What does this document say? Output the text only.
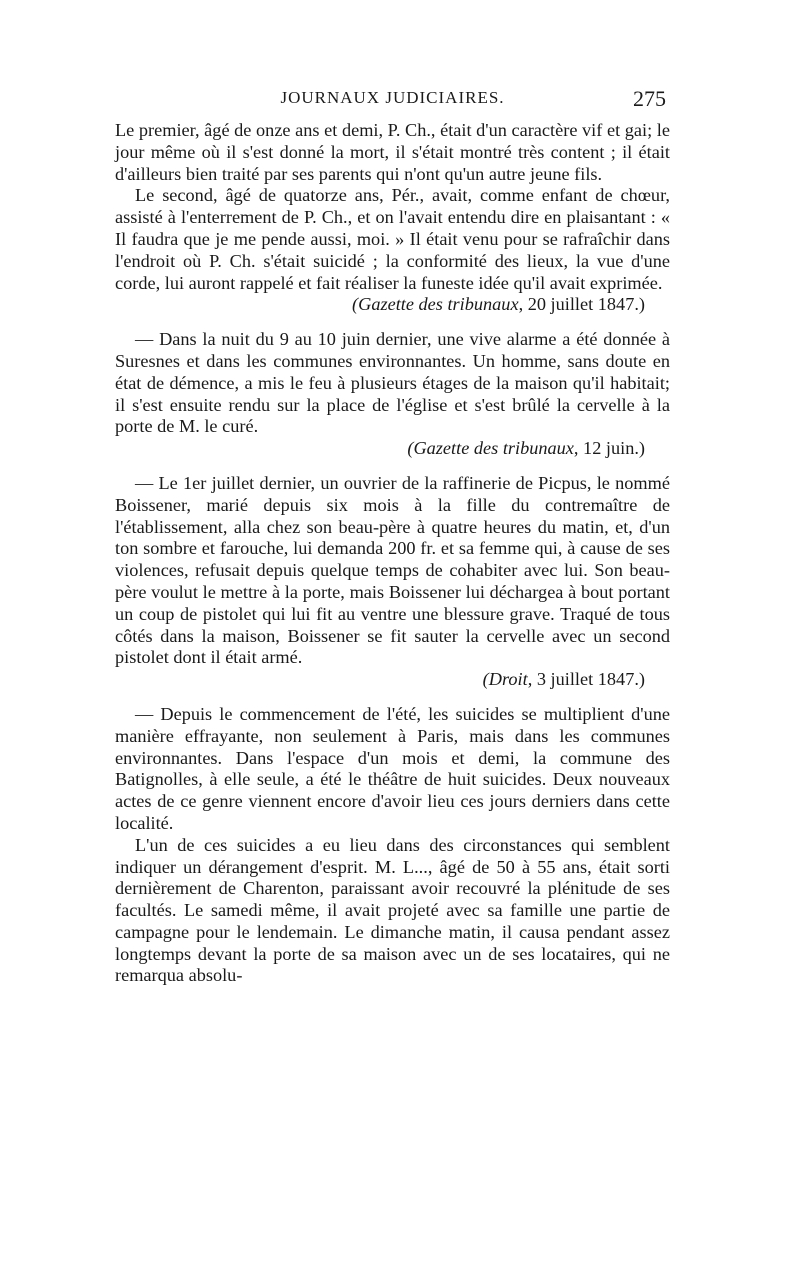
JOURNAUX JUDICIAIRES.	275

Le premier, âgé de onze ans et demi, P. Ch., était d'un caractère vif et gai; le jour même où il s'est donné la mort, il s'était montré très content ; il était d'ailleurs bien traité par ses parents qui n'ont qu'un autre jeune fils.

Le second, âgé de quatorze ans, Pér., avait, comme enfant de chœur, assisté à l'enterrement de P. Ch., et on l'avait entendu dire en plaisantant : « Il faudra que je me pende aussi, moi. » Il était venu pour se rafraîchir dans l'endroit où P. Ch. s'était suicidé ; la conformité des lieux, la vue d'une corde, lui auront rappelé et fait réaliser la funeste idée qu'il avait exprimée.

(Gazette des tribunaux, 20 juillet 1847.)

— Dans la nuit du 9 au 10 juin dernier, une vive alarme a été donnée à Suresnes et dans les communes environnantes. Un homme, sans doute en état de démence, a mis le feu à plusieurs étages de la maison qu'il habitait; il s'est ensuite rendu sur la place de l'église et s'est brûlé la cervelle à la porte de M. le curé.

(Gazette des tribunaux, 12 juin.)

— Le 1er juillet dernier, un ouvrier de la raffinerie de Picpus, le nommé Boissener, marié depuis six mois à la fille du contremaître de l'établissement, alla chez son beau-père à quatre heures du matin, et, d'un ton sombre et farouche, lui demanda 200 fr. et sa femme qui, à cause de ses violences, refusait depuis quelque temps de cohabiter avec lui. Son beau-père voulut le mettre à la porte, mais Boissener lui déchargea à bout portant un coup de pistolet qui lui fit au ventre une blessure grave. Traqué de tous côtés dans la maison, Boissener se fit sauter la cervelle avec un second pistolet dont il était armé.

(Droit, 3 juillet 1847.)

— Depuis le commencement de l'été, les suicides se multiplient d'une manière effrayante, non seulement à Paris, mais dans les communes environnantes. Dans l'espace d'un mois et demi, la commune des Batignolles, à elle seule, a été le théâtre de huit suicides. Deux nouveaux actes de ce genre viennent encore d'avoir lieu ces jours derniers dans cette localité.

L'un de ces suicides a eu lieu dans des circonstances qui semblent indiquer un dérangement d'esprit. M. L..., âgé de 50 à 55 ans, était sorti dernièrement de Charenton, paraissant avoir recouvré la plénitude de ses facultés. Le samedi même, il avait projeté avec sa famille une partie de campagne pour le lendemain. Le dimanche matin, il causa pendant assez longtemps devant la porte de sa maison avec un de ses locataires, qui ne remarqua absolu-
